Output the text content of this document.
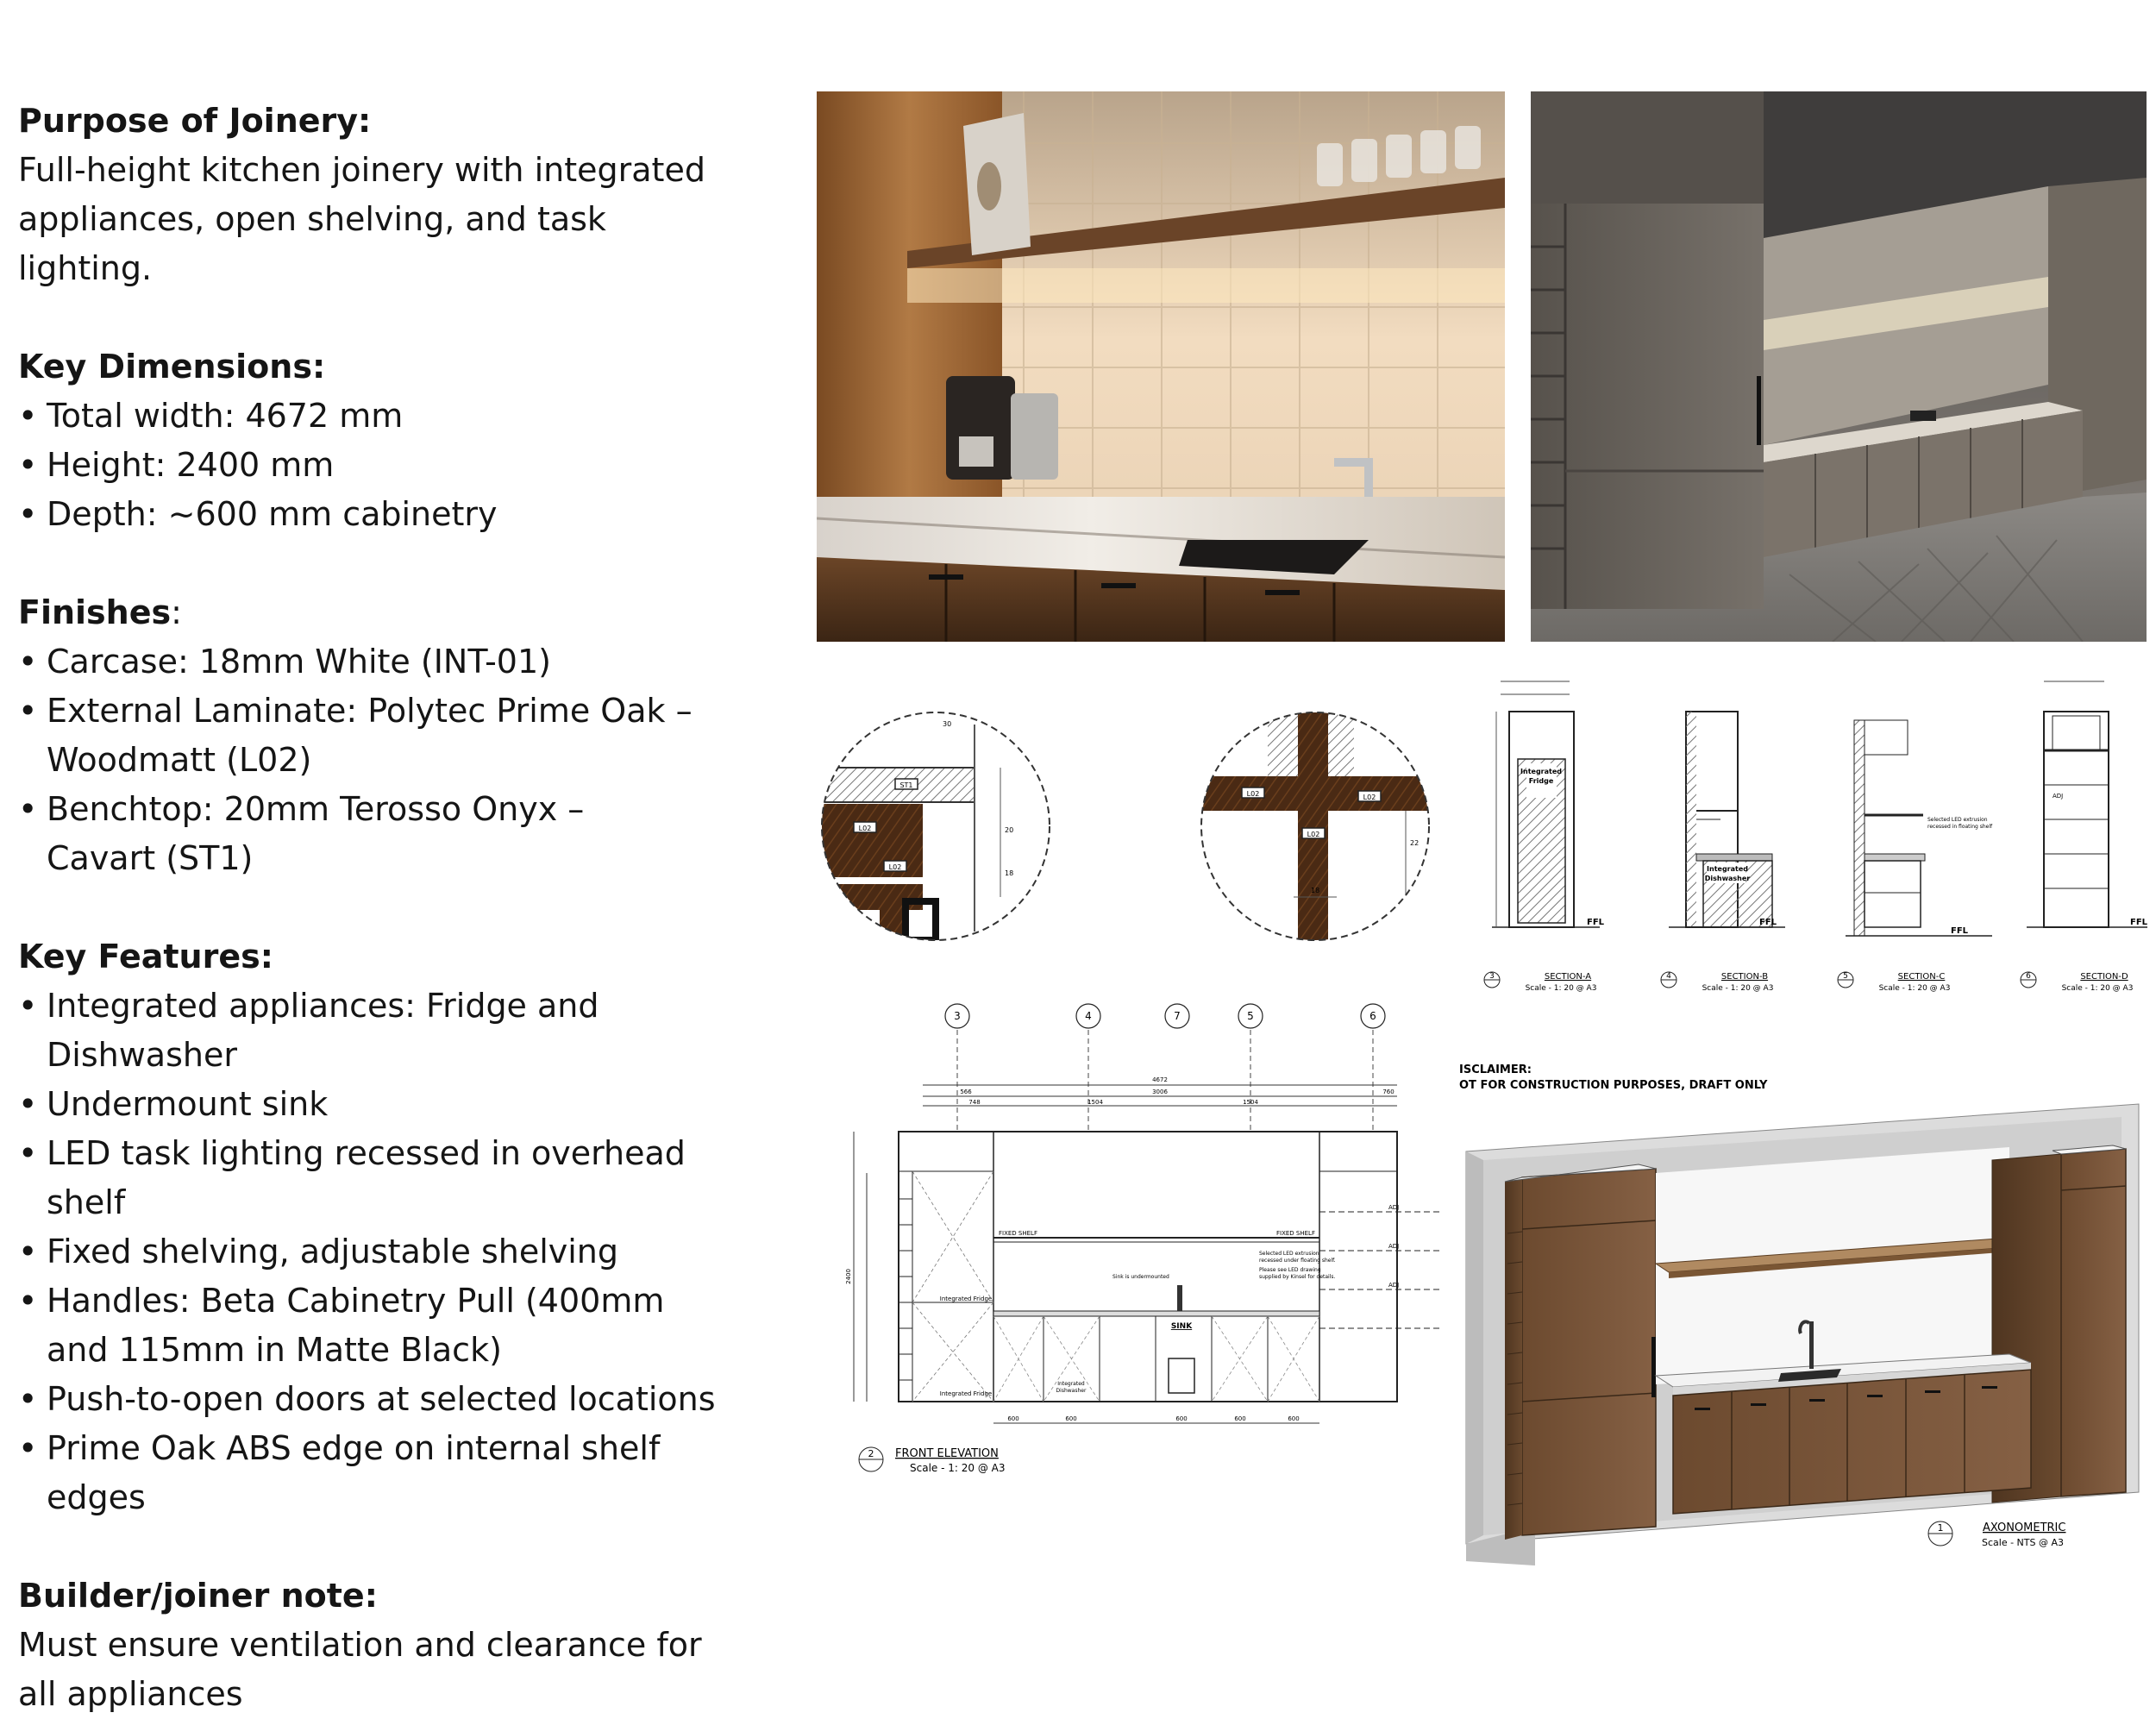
Purpose of Joinery:

Full-height kitchen joinery with integrated appliances, open shelving, and task lighting.

Key Dimensions:
• Total width: 4672 mm
• Height: 2400 mm
• Depth: ~600 mm cabinetry

Finishes:

• Carcase: 18mm White (INT-01)
• External Laminate: Polytec Prime Oak – Woodmatt (L02)
• Benchtop: 20mm Terosso Onyx – Cavart (ST1)
Key Features:
• Integrated appliances: Fridge and Dishwasher
• Undermount sink
• LED task lighting recessed in overhead shelf
• Fixed shelving, adjustable shelving
• Handles: Beta Cabinetry Pull (400mm and 115mm in Matte Black)
• Push-to-open doors at selected locations
• Prime Oak ABS edge on internal shelf edges
Builder/joiner note:

Must ensure ventilation and clearance for all appliances

ST1
L02
L02
30
20
18
L02	L02
L02
22
18
Integrated
Fridge
FFL
3	SECTION-A
Scale - 1: 20 @ A3
Integrated
Dishwasher
FFL
4	SECTION-B
Scale - 1: 20 @ A3
Selected LED extrusion
recessed in floating shelf
FFL
5	SECTION-C
Scale - 1: 20 @ A3
ADJ
FFL
6	SECTION-D
Scale - 1: 20 @ A3
3	4	7	5	6
4672
566	3006	760
748	1504	1504
Integrated Fridge
Integrated Fridge
ADJ
ADJ
ADJ
FIXED SHELF	FIXED SHELF
Selected LED extrusion
recessed under floating shelf.
Please see LED drawing
supplied by Kinsel for details.
Sink is undermounted
SINK
Integrated
Dishwasher
2400
600	600	600	600	600
2 FRONT ELEVATION
Scale - 1: 20 @ A3
ISCLAIMER:
OT FOR CONSTRUCTION PURPOSES, DRAFT ONLY
1	AXONOMETRIC
Scale - NTS @ A3
